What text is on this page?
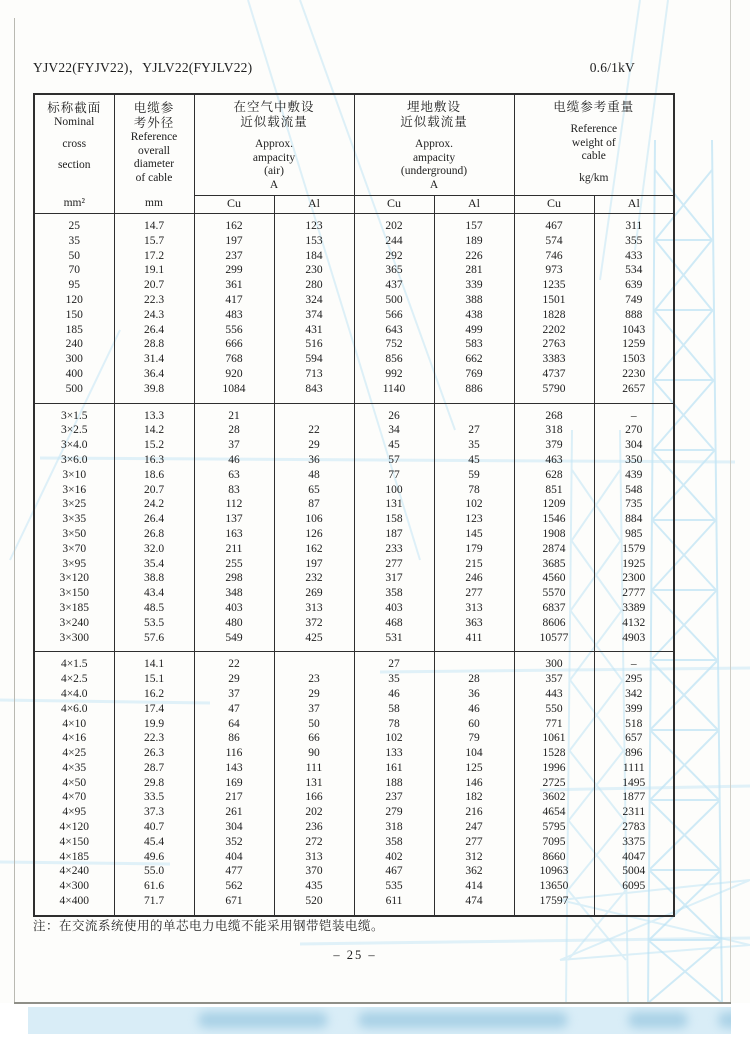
YJV22(FYJV22)，YJLV22(FYJLV22)	0.6/1kV
标称截面
Nominal
cross
section
mm²

电缆参
考外径
Reference
overall
diameter
of cable
mm

在空气中敷设
近似载流量
Approx.
ampacity
(air)
A

埋地敷设
近似载流量
Approx.
ampacity
(underground)
A

电缆参考重量
Reference
weight of
cable
kg/km

		Cu	Al	Cu	Al	Cu	Al
25	14.7	162	123	202	157	467	311
35	15.7	197	153	244	189	574	355
50	17.2	237	184	292	226	746	433
70	19.1	299	230	365	281	973	534
95	20.7	361	280	437	339	1235	639
120	22.3	417	324	500	388	1501	749
150	24.3	483	374	566	438	1828	888
185	26.4	556	431	643	499	2202	1043
240	28.8	666	516	752	583	2763	1259
300	31.4	768	594	856	662	3383	1503
400	36.4	920	713	992	769	4737	2230
500	39.8	1084	843	1140	886	5790	2657
3×1.5	13.3	21		26		268	–
3×2.5	14.2	28	22	34	27	318	270
3×4.0	15.2	37	29	45	35	379	304
3×6.0	16.3	46	36	57	45	463	350
3×10	18.6	63	48	77	59	628	439
3×16	20.7	83	65	100	78	851	548
3×25	24.2	112	87	131	102	1209	735
3×35	26.4	137	106	158	123	1546	884
3×50	26.8	163	126	187	145	1908	985
3×70	32.0	211	162	233	179	2874	1579
3×95	35.4	255	197	277	215	3685	1925
3×120	38.8	298	232	317	246	4560	2300
3×150	43.4	348	269	358	277	5570	2777
3×185	48.5	403	313	403	313	6837	3389
3×240	53.5	480	372	468	363	8606	4132
3×300	57.6	549	425	531	411	10577	4903
4×1.5	14.1	22		27		300	–
4×2.5	15.1	29	23	35	28	357	295
4×4.0	16.2	37	29	46	36	443	342
4×6.0	17.4	47	37	58	46	550	399
4×10	19.9	64	50	78	60	771	518
4×16	22.3	86	66	102	79	1061	657
4×25	26.3	116	90	133	104	1528	896
4×35	28.7	143	111	161	125	1996	1111
4×50	29.8	169	131	188	146	2725	1495
4×70	33.5	217	166	237	182	3602	1877
4×95	37.3	261	202	279	216	4654	2311
4×120	40.7	304	236	318	247	5795	2783
4×150	45.4	352	272	358	277	7095	3375
4×185	49.6	404	313	402	312	8660	4047
4×240	55.0	477	370	467	362	10963	5004
4×300	61.6	562	435	535	414	13650	6095
4×400	71.7	671	520	611	474	17597	
注：在交流系统使用的单芯电力电缆不能采用钢带铠装电缆。
– 25 –
